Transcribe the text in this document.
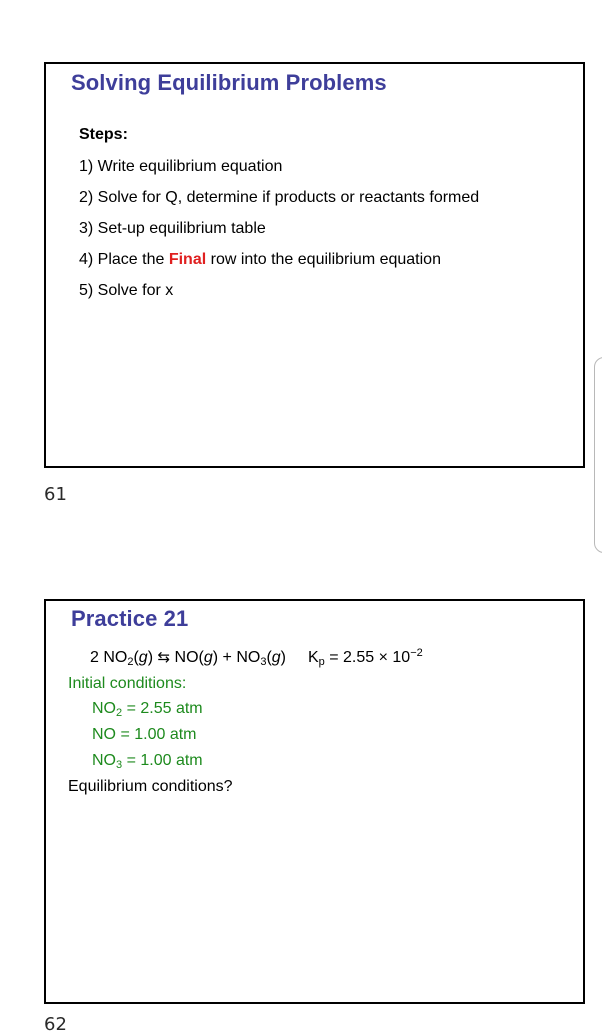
Solving Equilibrium Problems
Steps:
1) Write equilibrium equation
2) Solve for Q, determine if products or reactants formed
3) Set-up equilibrium table
4) Place the Final row into the equilibrium equation
5) Solve for x
61
Practice 21
2 $NO_2(g)$ ⇆ $NO(g) + NO_3(g) K_p = 2.55 \times 10^{-2}$
Initial conditions:
$NO_2 = 2.55$ atm
NO = 1.00 atm
$NO_3 = 1.00$ atm
Equilibrium conditions?
62
